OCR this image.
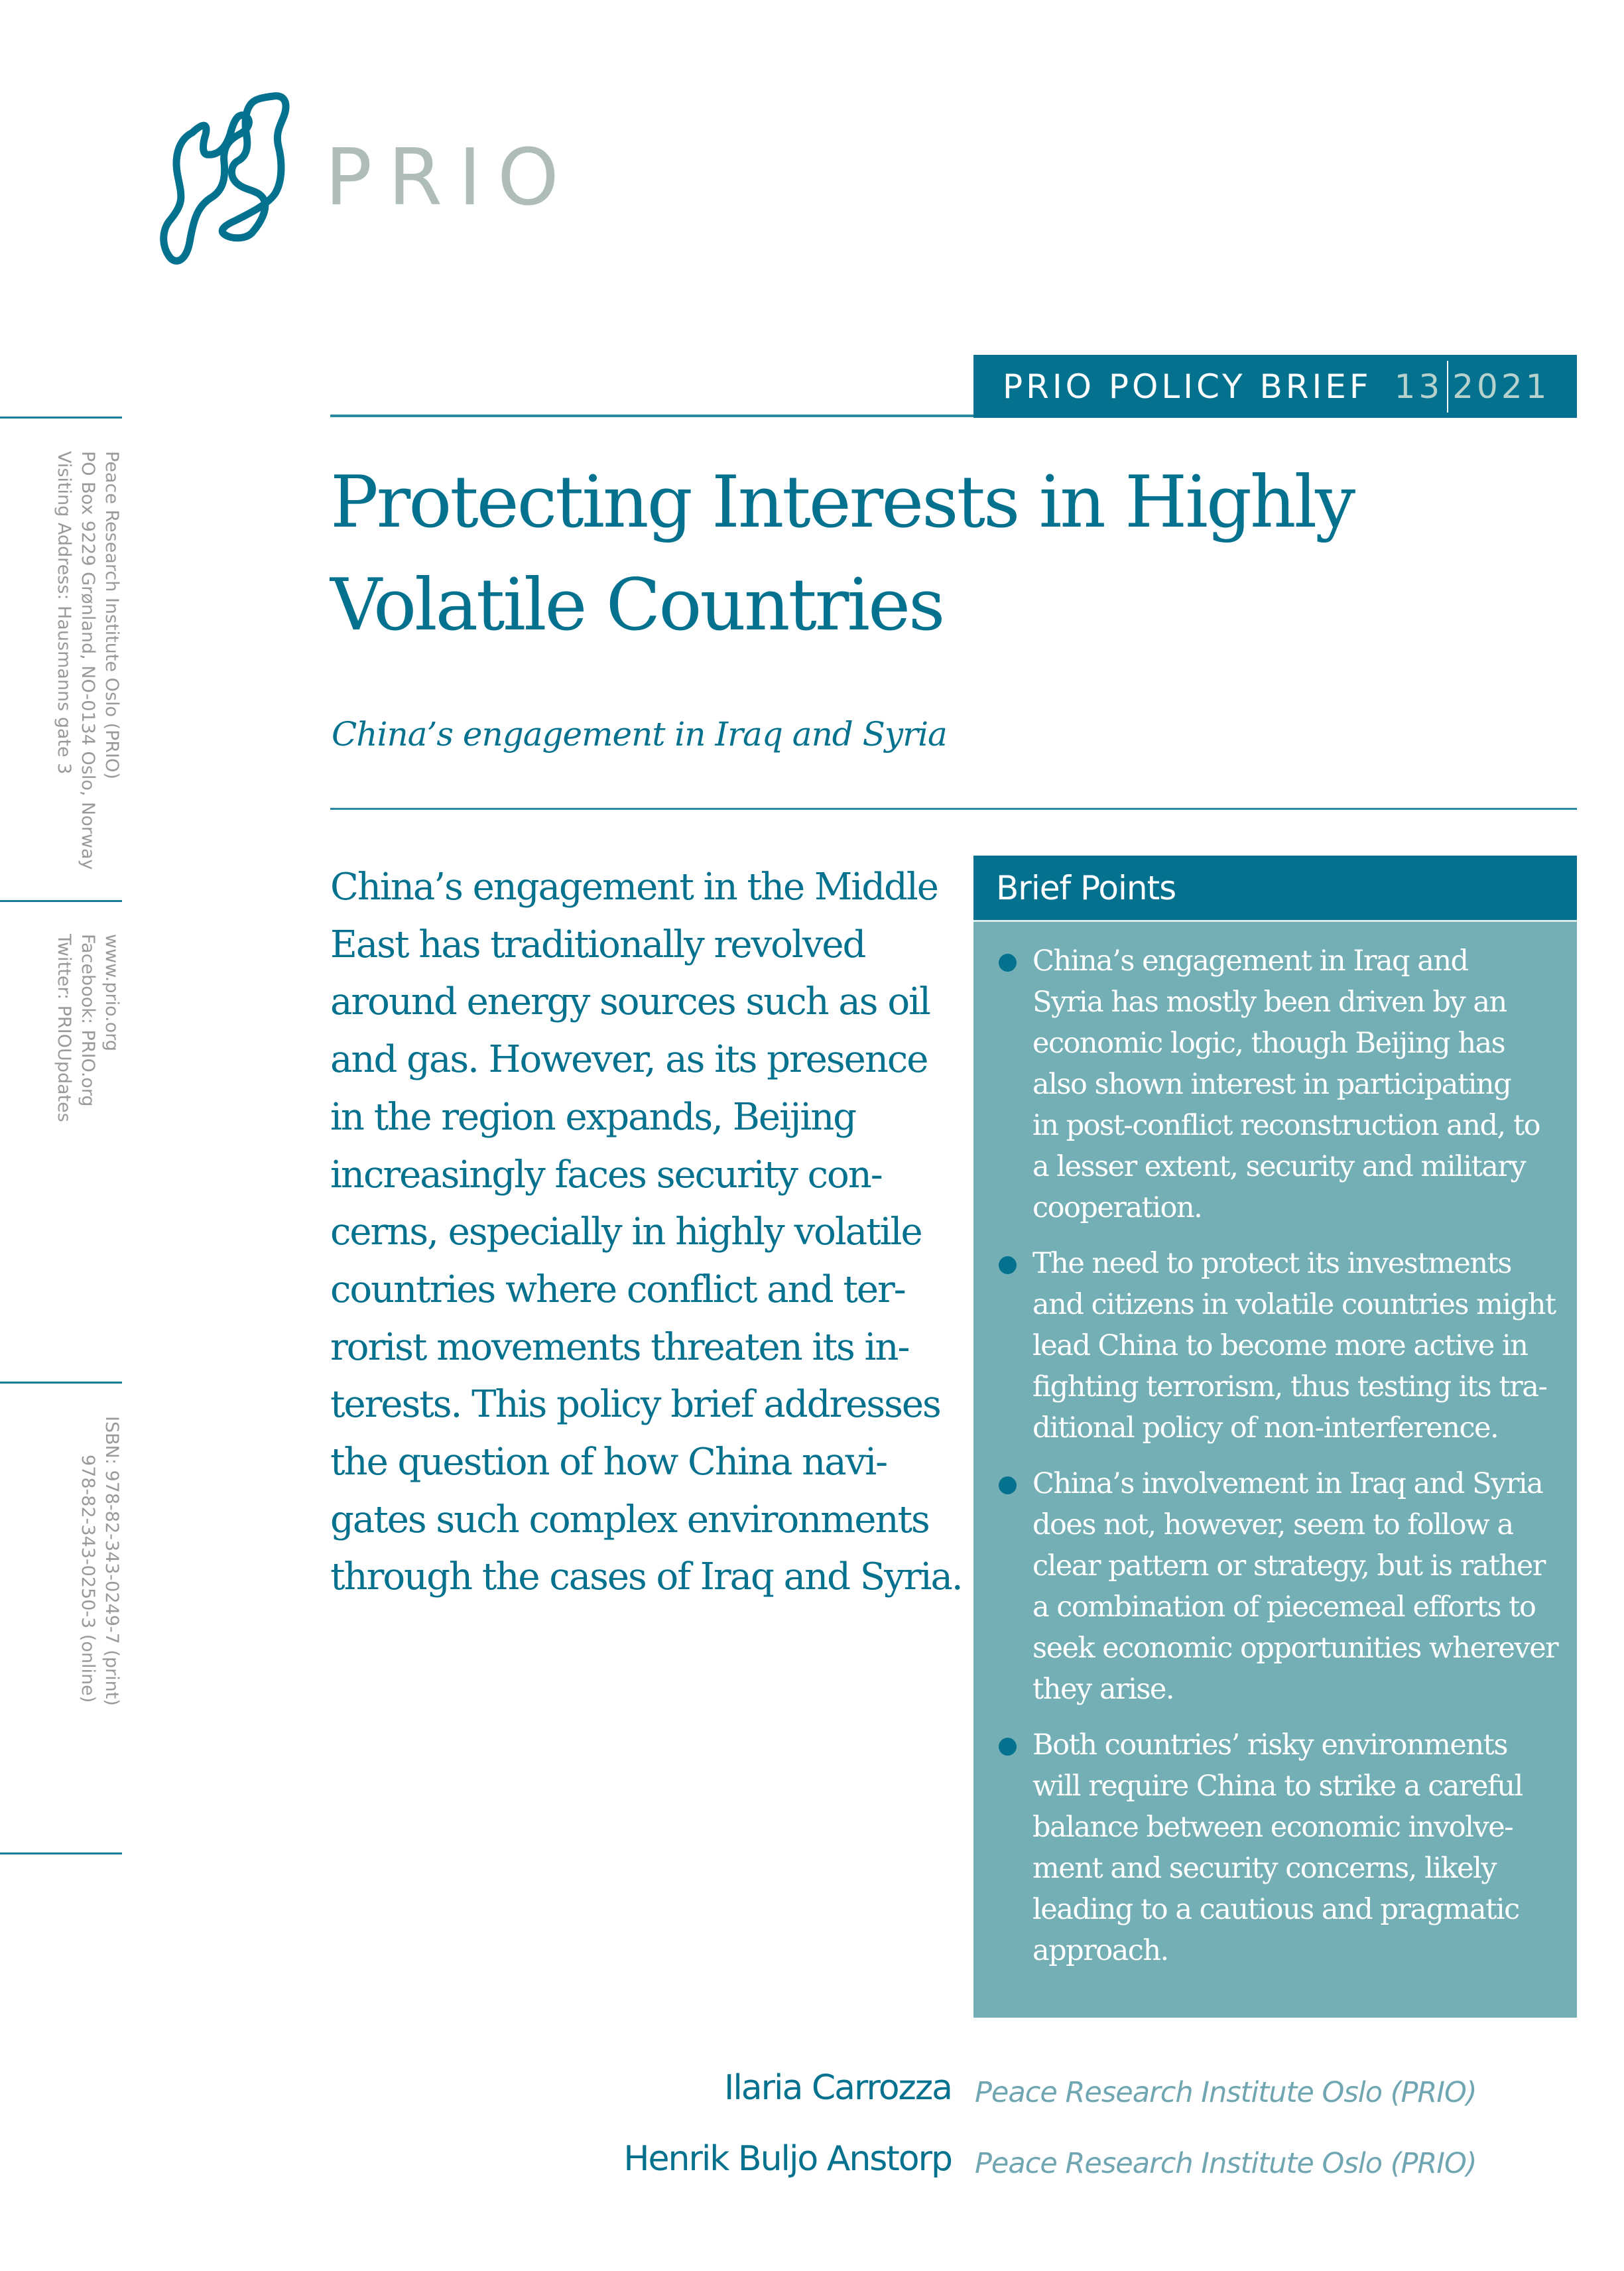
PRIO
PRIO POLICY BRIEF 13 2021
Peace Research Institute Oslo (PRIO)
PO Box 9229 Grønland, NO-0134 Oslo, Norway
Visiting Address: Hausmanns gate 3
www.prio.org
Facebook: PRIO.org
Twitter: PRIOUpdates
ISBN: 978-82-343-0249-7 (print)
978-82-343-0250-3 (online)
Protecting Interests in Highly
Volatile Countries
China’s engagement in Iraq and Syria
China’s engagement in the Middle
East has traditionally revolved
around energy sources such as oil
and gas. However, as its presence
in the region expands, Beijing
increasingly faces security con-
cerns, especially in highly volatile
countries where conflict and ter-
rorist movements threaten its in-
terests. This policy brief addresses
the question of how China navi-
gates such complex environments
through the cases of Iraq and Syria.
Brief Points
China’s engagement in Iraq and
Syria has mostly been driven by an
economic logic, though Beijing has
also shown interest in participating
in post-conflict reconstruction and, to
a lesser extent, security and military
cooperation.
The need to protect its investments
and citizens in volatile countries might
lead China to become more active in
fighting terrorism, thus testing its tra-
ditional policy of non-interference.
China’s involvement in Iraq and Syria
does not, however, seem to follow a
clear pattern or strategy, but is rather
a combination of piecemeal efforts to
seek economic opportunities wherever
they arise.
Both countries’ risky environments
will require China to strike a careful
balance between economic involve-
ment and security concerns, likely
leading to a cautious and pragmatic
approach.
Ilaria Carrozza Peace Research Institute Oslo (PRIO)
Henrik Buljo Anstorp Peace Research Institute Oslo (PRIO)
